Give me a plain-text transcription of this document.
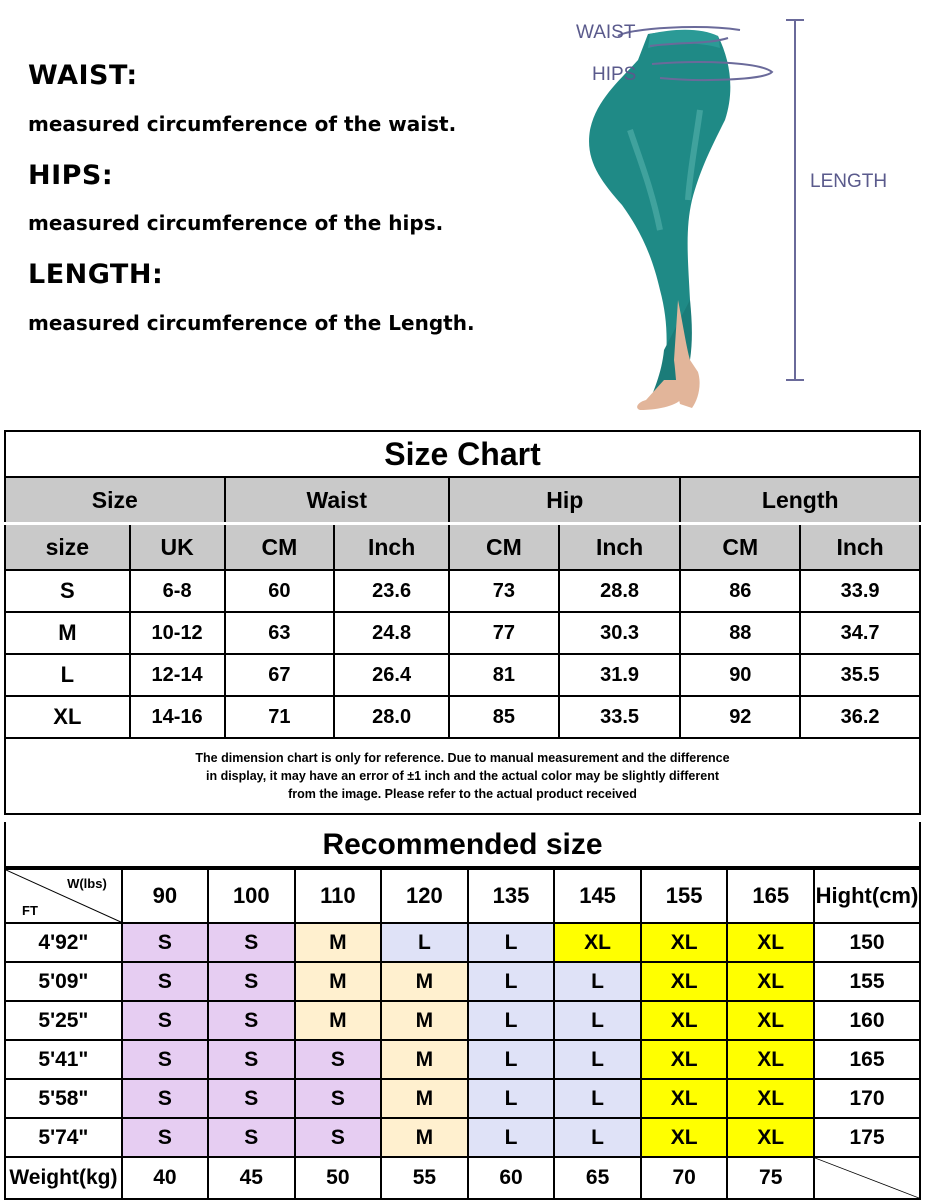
WAIST:
measured circumference of the waist.
HIPS:
measured circumference of the hips.
LENGTH:
measured circumference of the Length.
WAIST
HIPS
LENGTH
Size Chart							
Size		Waist		Hip		Length	
size	UK	CM	Inch	CM	Inch	CM	Inch
S	6-8	60	23.6	73	28.8	86	33.9
M	10-12	63	24.8	77	30.3	88	34.7
L	12-14	67	26.4	81	31.9	90	35.5
XL	14-16	71	28.0	85	33.5	92	36.2

The dimension chart is only for reference. Due to manual measurement and the difference
in display, it may have an error of ±1 inch and the actual color may be slightly different
from the image. Please refer to the actual product received							
Recommended size
W(lbs)
FT	90	100	110	120	135	145	155	165	Hight(cm)
4'92"	S	S	M	L	L	XL	XL	XL	150
5'09"	S	S	M	M	L	L	XL	XL	155
5'25"	S	S	M	M	L	L	XL	XL	160
5'41"	S	S	S	M	L	L	XL	XL	165
5'58"	S	S	S	M	L	L	XL	XL	170
5'74"	S	S	S	M	L	L	XL	XL	175
Weight(kg)	40	45	50	55	60	65	70	75	
